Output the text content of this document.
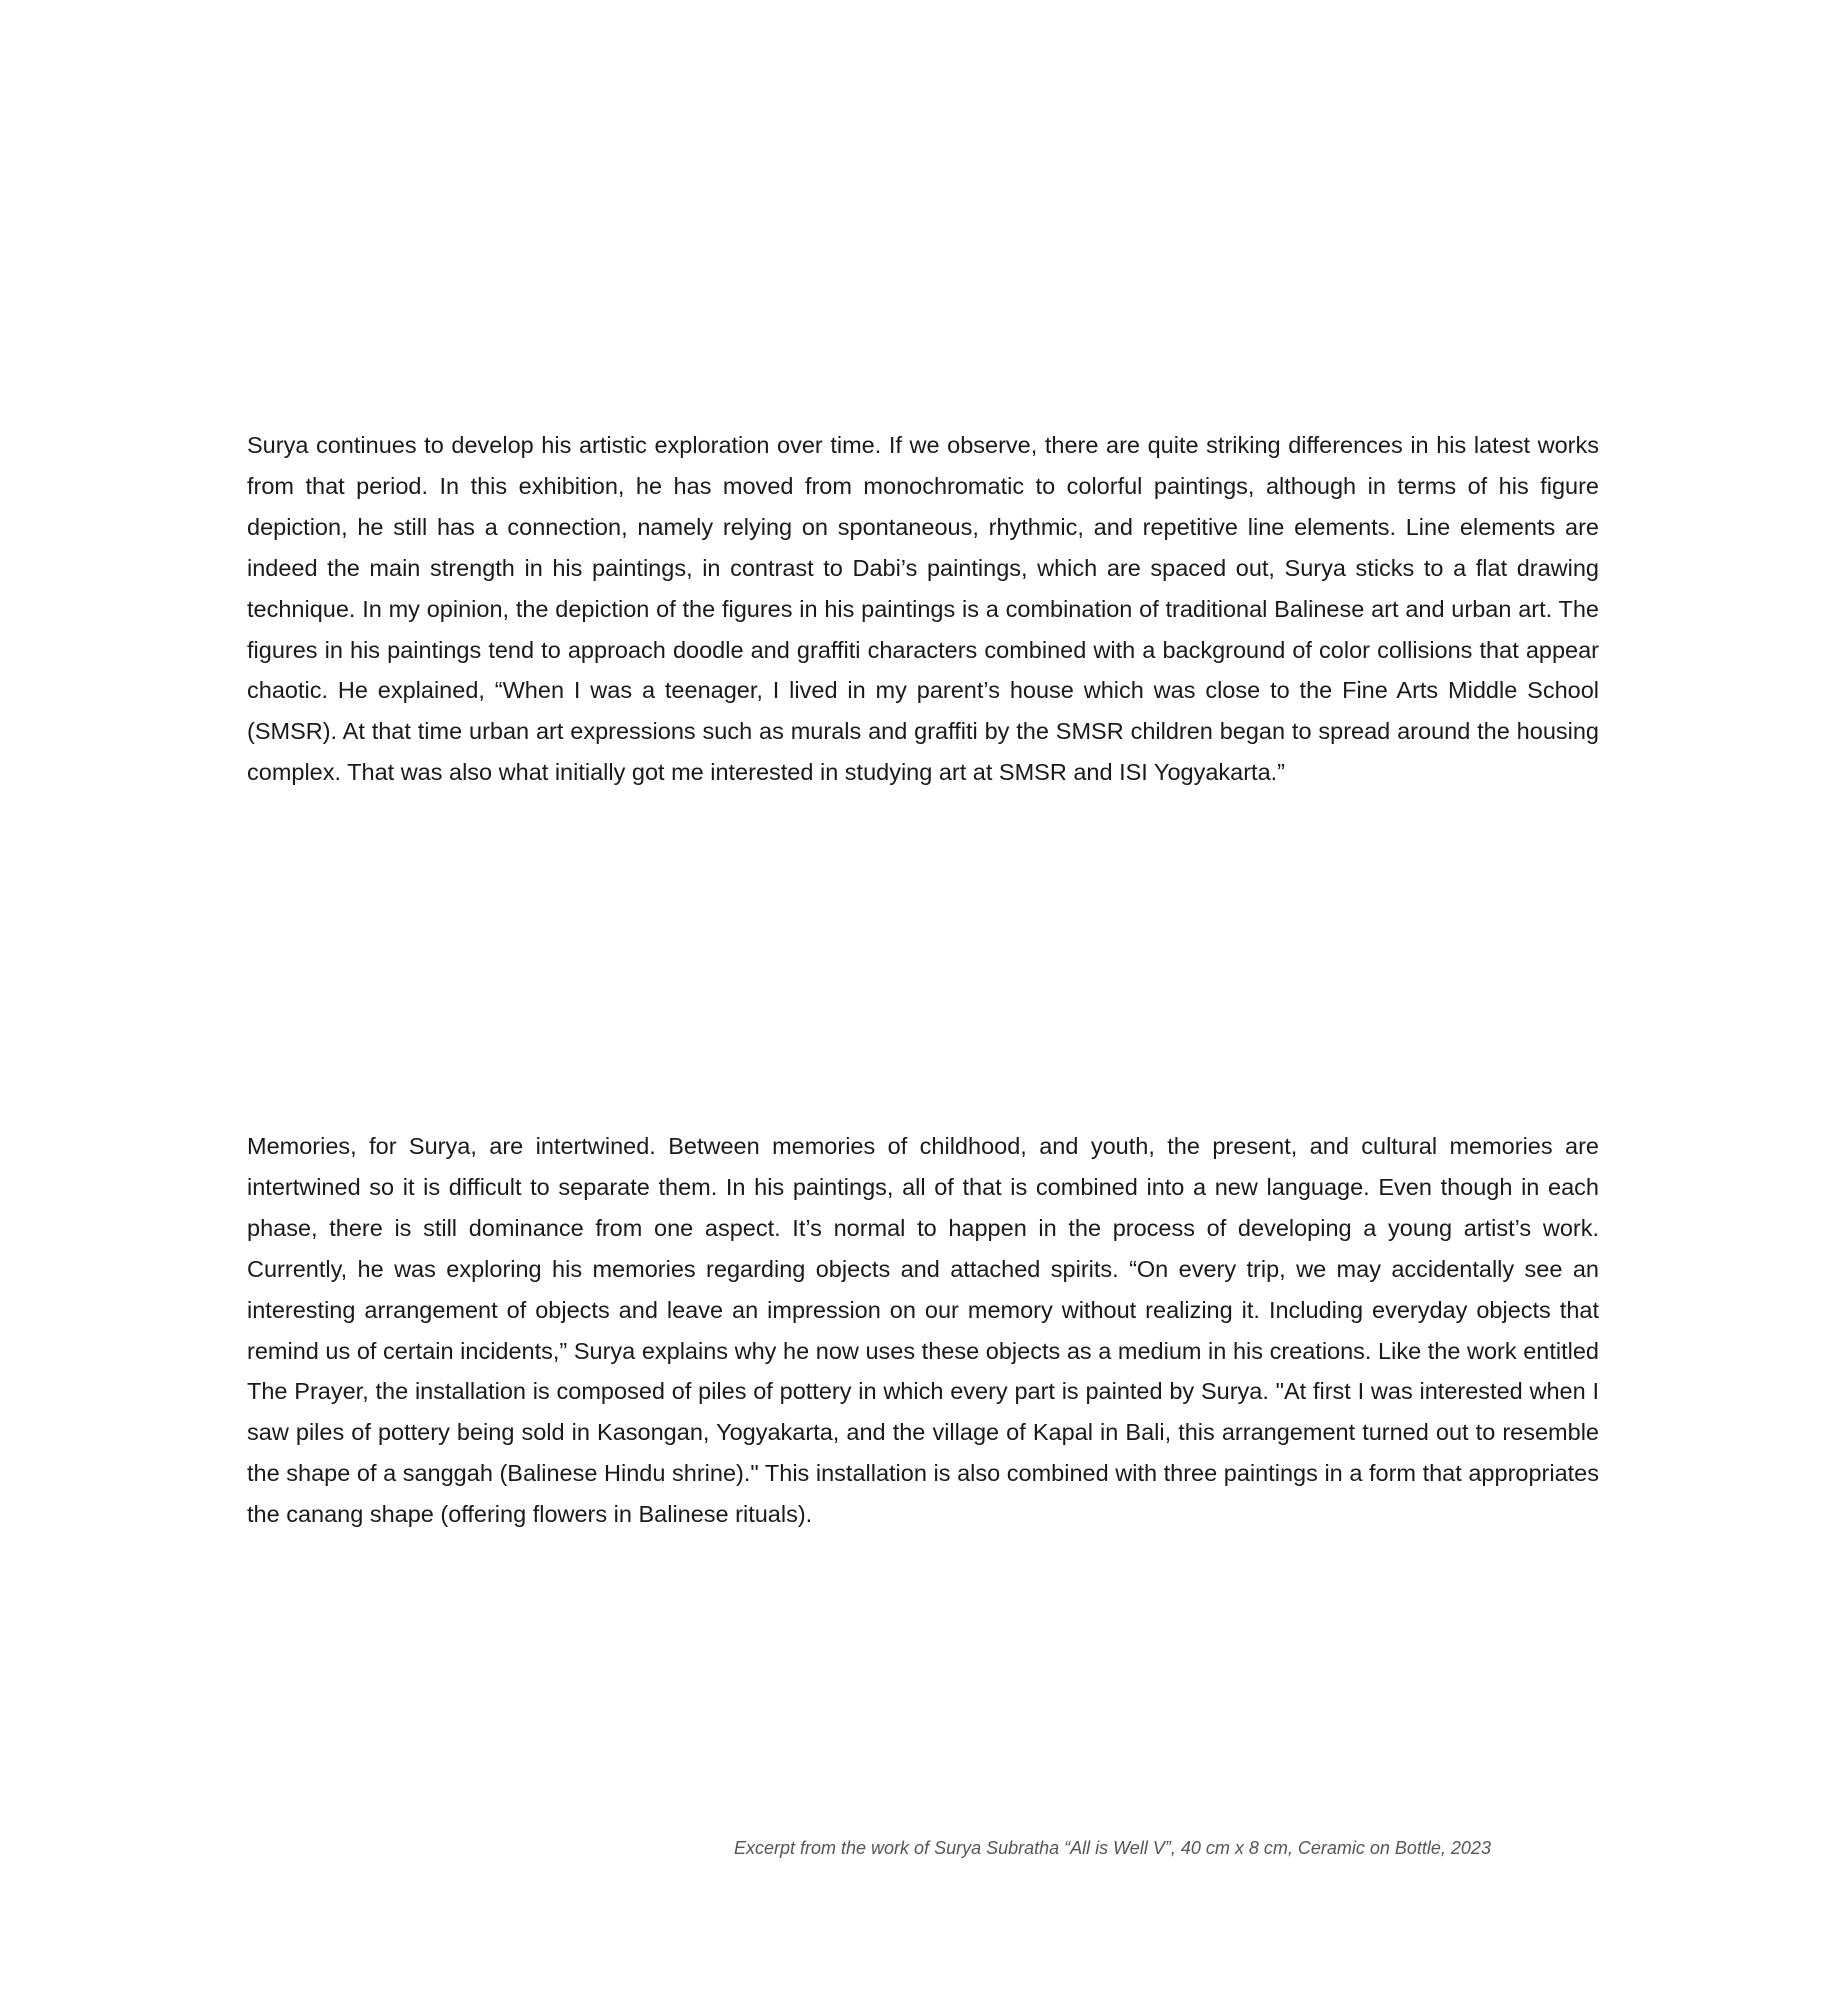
Surya continues to develop his artistic exploration over time. If we observe, there are quite striking differences in his latest works from that period. In this exhibition, he has moved from monochromatic to colorful paintings, although in terms of his figure depiction, he still has a connection, namely relying on spontaneous, rhythmic, and repetitive line elements. Line elements are indeed the main strength in his paintings, in contrast to Dabi’s paintings, which are spaced out, Surya sticks to a flat drawing technique. In my opinion, the depiction of the figures in his paintings is a combination of traditional Balinese art and urban art. The figures in his paintings tend to approach doodle and graffiti characters combined with a background of color collisions that appear chaotic. He explained, “When I was a teenager, I lived in my parent’s house which was close to the Fine Arts Middle School (SMSR). At that time urban art expressions such as murals and graffiti by the SMSR children began to spread around the housing complex. That was also what initially got me interested in studying art at SMSR and ISI Yogyakarta.”

Memories, for Surya, are intertwined. Between memories of childhood, and youth, the present, and cultural memories are intertwined so it is difficult to separate them. In his paintings, all of that is combined into a new language. Even though in each phase, there is still dominance from one aspect. It’s normal to happen in the process of developing a young artist’s work. Currently, he was exploring his memories regarding objects and attached spirits. “On every trip, we may accidentally see an interesting arrangement of objects and leave an impression on our memory without realizing it. Including everyday objects that remind us of certain incidents,” Surya explains why he now uses these objects as a medium in his creations. Like the work entitled The Prayer, the installation is composed of piles of pottery in which every part is painted by Surya. "At first I was interested when I saw piles of pottery being sold in Kasongan, Yogyakarta, and the village of Kapal in Bali, this arrangement turned out to resemble the shape of a sanggah (Balinese Hindu shrine)." This installation is also combined with three paintings in a form that appropriates the canang shape (offering flowers in Balinese rituals).

Excerpt from the work of Surya Subratha “All is Well V”, 40 cm x 8 cm, Ceramic on Bottle, 2023
